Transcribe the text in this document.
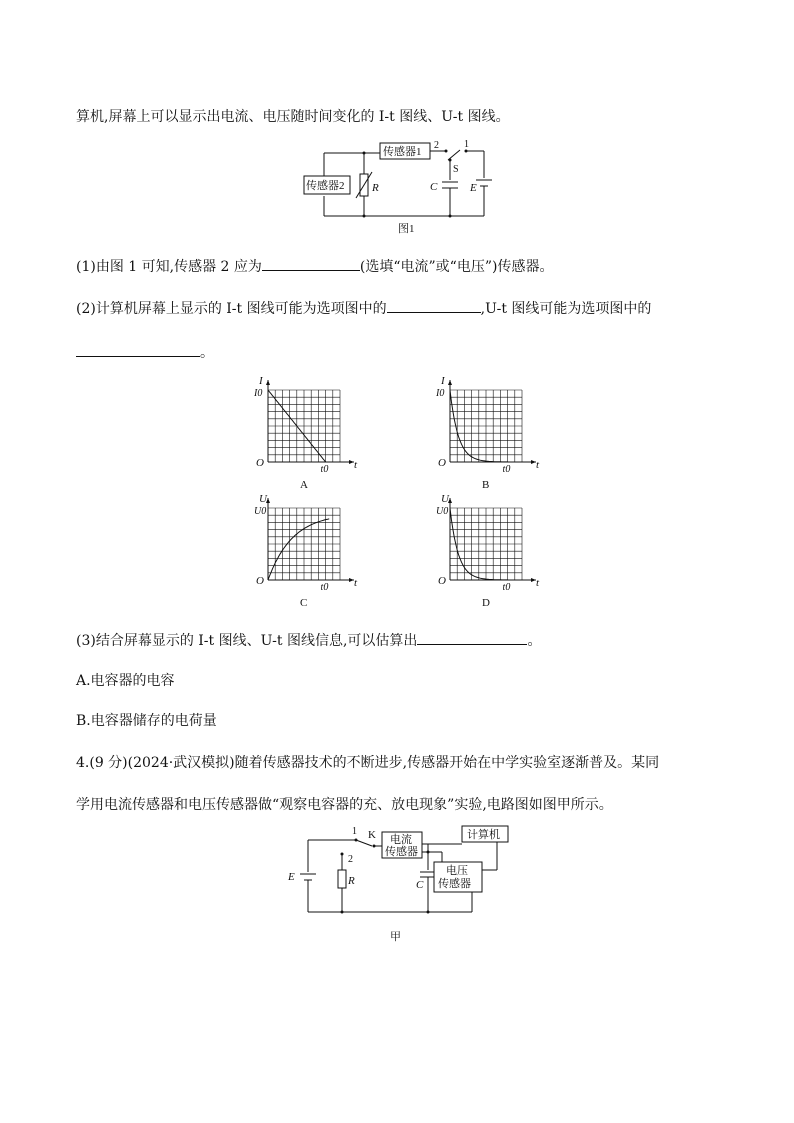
算机,屏幕上可以显示出电流、电压随时间变化的 I-t 图线、U-t 图线。
传感器1
传感器2	R
2	1
S
C	E
图1
(1)由图 1 可知,传感器 2 应为	(选填“电流”或“电压”)传感器。
(2)计算机屏幕上显示的 I-t 图线可能为选项图中的	,U-t 图线可能为选项图中的
。
I
I0
O	t
t0
A
I
I0
O	t
t0
B
U
U0
O	t
t0
C
U
U0
O	t
t0
D
(3)结合屏幕显示的 I-t 图线、U-t 图线信息,可以估算出	。
A.电容器的电容
B.电容器储存的电荷量
4.(9 分)(2024·武汉模拟)随着传感器技术的不断进步,传感器开始在中学实验室逐渐普及。某同
学用电流传感器和电压传感器做“观察电容器的充、放电现象”实验,电路图如图甲所示。
1 K
2
E	R	C
电流
传感器
电压
传感器
计算机
甲
